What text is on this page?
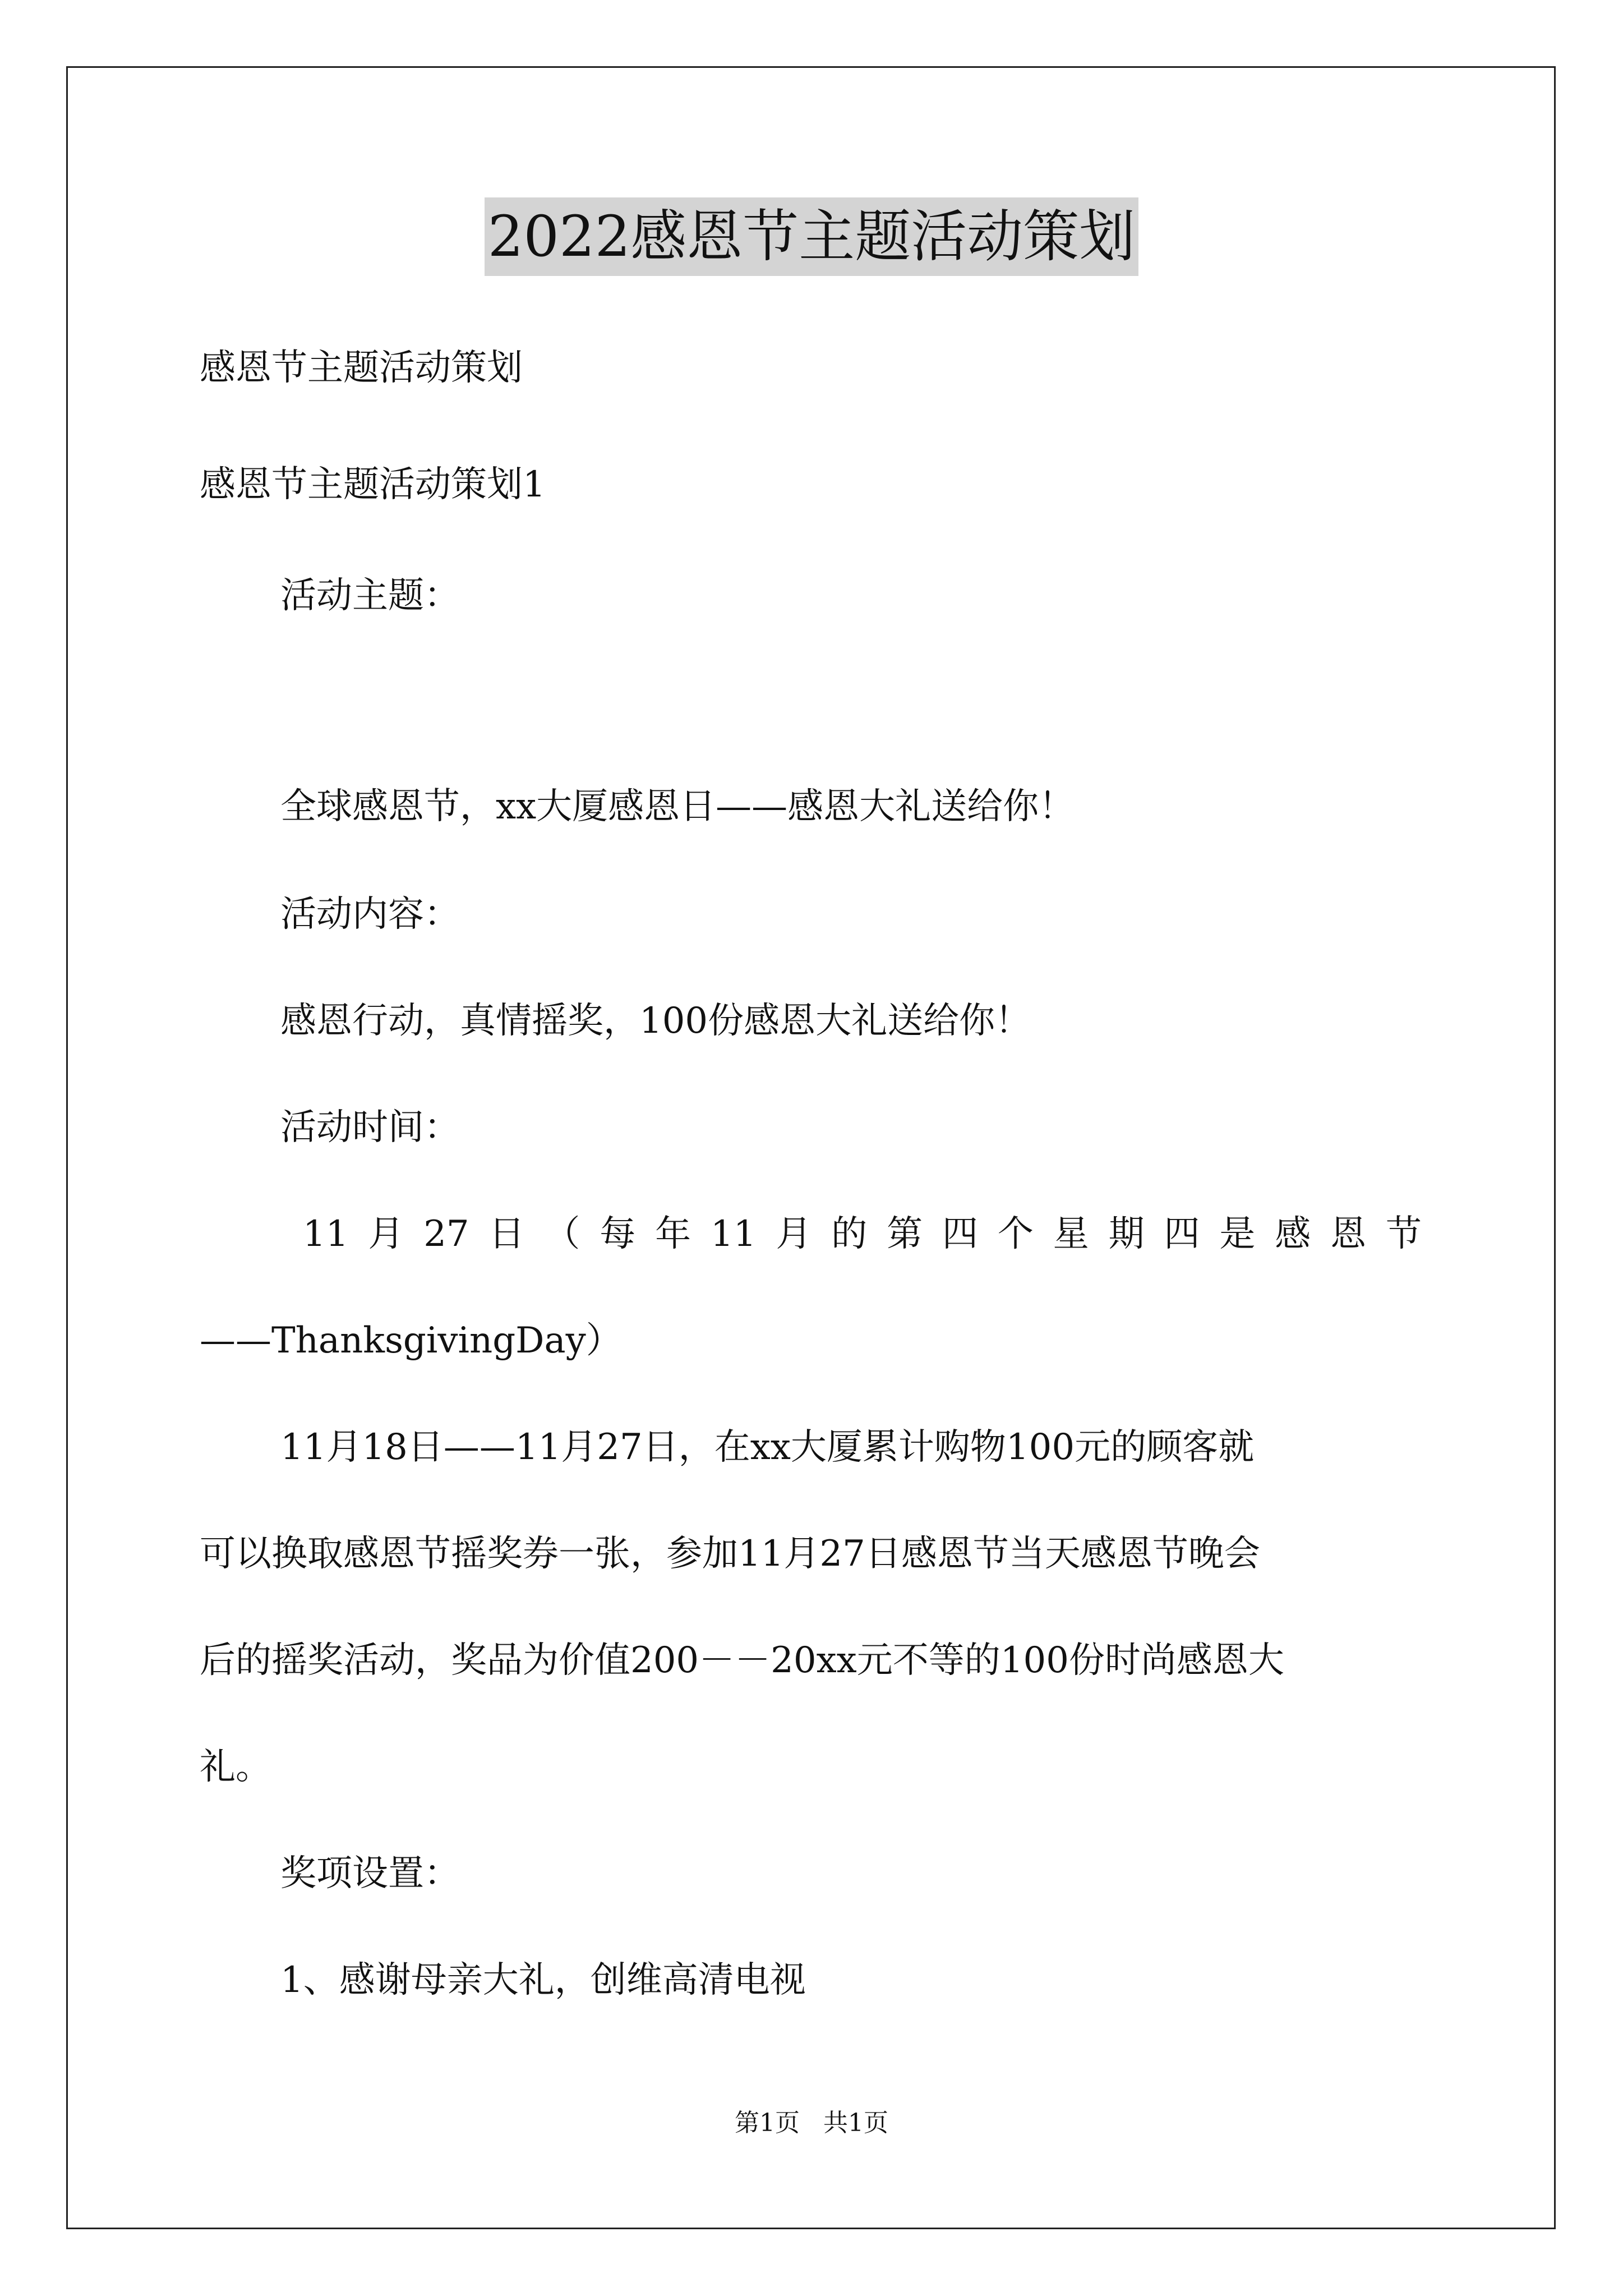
2022感恩节主题活动策划
感恩节主题活动策划
感恩节主题活动策划1
活动主题：
全球感恩节，xx大厦感恩日——感恩大礼送给你！
活动内容：
感恩行动，真情摇奖，100份感恩大礼送给你！
活动时间：
11 月 27 日 （ 每 年 11 月 的 第 四 个 星 期 四 是 感 恩 节
——ThanksgivingDay）
11月18日——11月27日，在xx大厦累计购物100元的顾客就
可以换取感恩节摇奖券一张，参加11月27日感恩节当天感恩节晚会
后的摇奖活动，奖品为价值200－－20xx元不等的100份时尚感恩大
礼。
奖项设置：
1、感谢母亲大礼，创维高清电视
第1页 共1页
